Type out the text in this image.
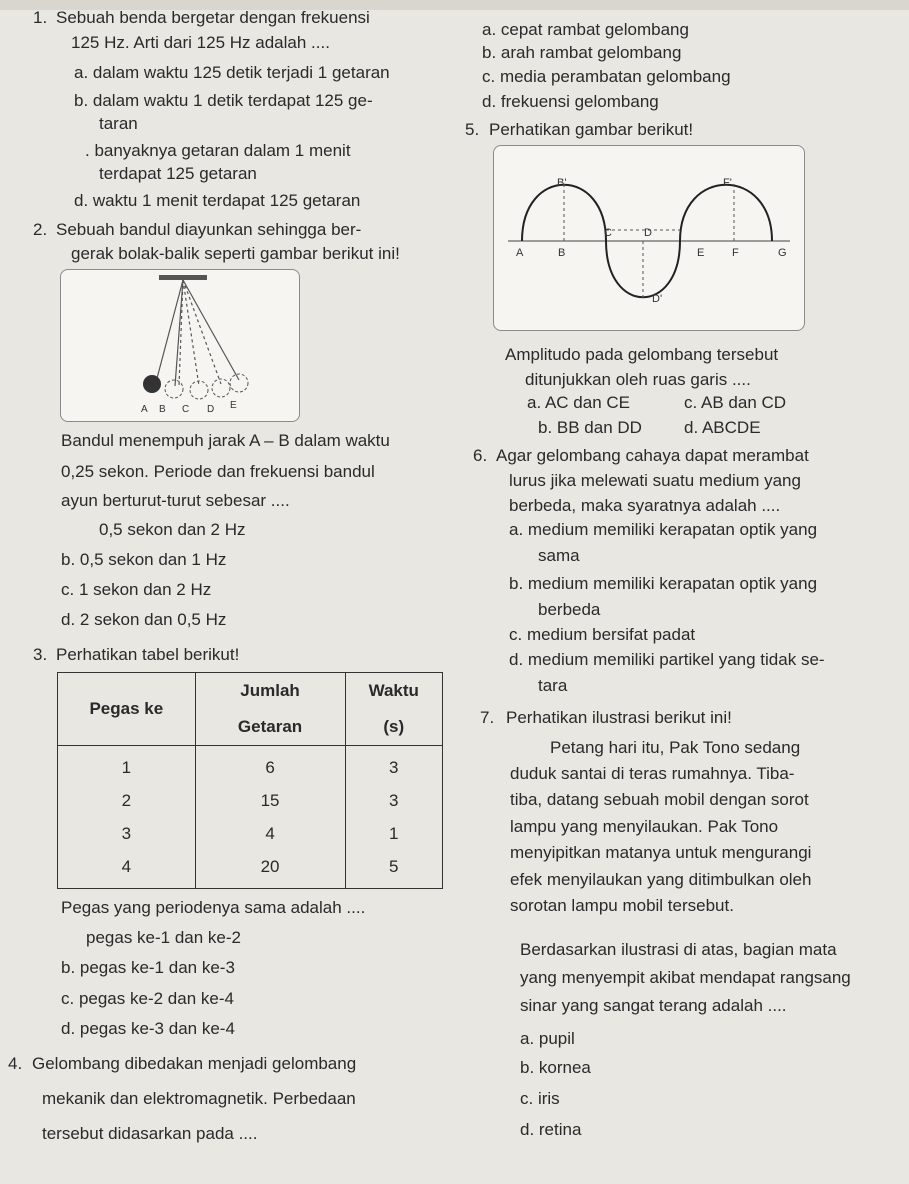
1. Sebuah benda bergetar dengan frekuensi
125 Hz. Arti dari 125 Hz adalah ....
a. dalam waktu 125 detik terjadi 1 getaran
b. dalam waktu 1 detik terdapat 125 ge-
taran
. banyaknya getaran dalam 1 menit
terdapat 125 getaran
d. waktu 1 menit terdapat 125 getaran
2. Sebuah bandul diayunkan sehingga ber-
gerak bolak-balik seperti gambar berikut ini!
A B C D E
Bandul menempuh jarak A – B dalam waktu
0,25 sekon. Periode dan frekuensi bandul
ayun berturut-turut sebesar ....
0,5 sekon dan 2 Hz
b. 0,5 sekon dan 1 Hz
c. 1 sekon dan 2 Hz
d. 2 sekon dan 0,5 Hz
3. Perhatikan tabel berikut!
Pegas ke	Jumlah	Waktu
	Getaran	(s)
1	6	3
2	15	3
3	4	1
4	20	5
Pegas yang periodenya sama adalah ....
pegas ke-1 dan ke-2
b. pegas ke-1 dan ke-3
c. pegas ke-2 dan ke-4
d. pegas ke-3 dan ke-4
4. Gelombang dibedakan menjadi gelombang
mekanik dan elektromagnetik. Perbedaan
tersebut didasarkan pada ....
a. cepat rambat gelombang
b. arah rambat gelombang
c. media perambatan gelombang
d. frekuensi gelombang
5. Perhatikan gambar berikut!
B'	F'
C	D
A	B	E	F	G
D'
Amplitudo pada gelombang tersebut
ditunjukkan oleh ruas garis ....
a. AC dan CE	c. AB dan CD
b. BB dan DD d. ABCDE
6. Agar gelombang cahaya dapat merambat
lurus jika melewati suatu medium yang
berbeda, maka syaratnya adalah ....
a. medium memiliki kerapatan optik yang
sama
b. medium memiliki kerapatan optik yang
berbeda
c. medium bersifat padat
d. medium memiliki partikel yang tidak se-
tara
7. Perhatikan ilustrasi berikut ini!
Petang hari itu, Pak Tono sedang
duduk santai di teras rumahnya. Tiba-
tiba, datang sebuah mobil dengan sorot
lampu yang menyilaukan. Pak Tono
menyipitkan matanya untuk mengurangi
efek menyilaukan yang ditimbulkan oleh
sorotan lampu mobil tersebut.
Berdasarkan ilustrasi di atas, bagian mata
yang menyempit akibat mendapat rangsang
sinar yang sangat terang adalah ....
a. pupil
b. kornea
c. iris
d. retina
